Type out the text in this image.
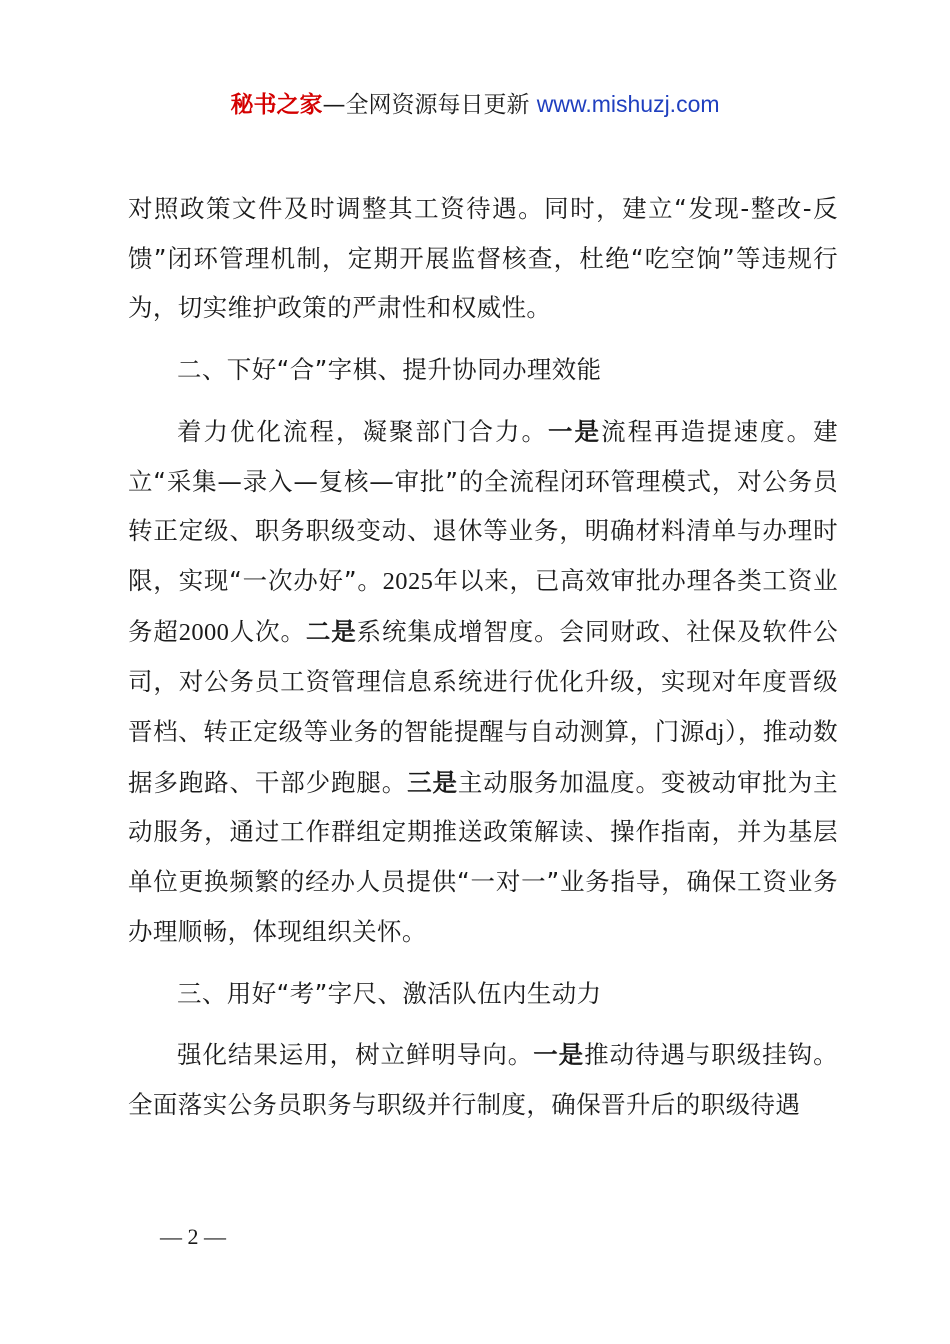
秘书之家—全网资源每日更新 www.mishuzj.com

对照政策文件及时调整其工资待遇。同时，建立“发现-整改-反馈”闭环管理机制，定期开展监督核查，杜绝“吃空饷”等违规行为，切实维护政策的严肃性和权威性。

二、下好“合”字棋、提升协同办理效能

着力优化流程，凝聚部门合力。一是流程再造提速度。建立“采集—录入—复核—审批”的全流程闭环管理模式，对公务员转正定级、职务职级变动、退休等业务，明确材料清单与办理时限，实现“一次办好”。2025年以来，已高效审批办理各类工资业务超2000人次。二是系统集成增智度。会同财政、社保及软件公司，对公务员工资管理信息系统进行优化升级，实现对年度晋级晋档、转正定级等业务的智能提醒与自动测算，门源dj），推动数据多跑路、干部少跑腿。三是主动服务加温度。变被动审批为主动服务，通过工作群组定期推送政策解读、操作指南，并为基层单位更换频繁的经办人员提供“一对一”业务指导，确保工资业务办理顺畅，体现组织关怀。

三、用好“考”字尺、激活队伍内生动力

强化结果运用，树立鲜明导向。一是推动待遇与职级挂钩。全面落实公务员职务与职级并行制度，确保晋升后的职级待遇

— 2 —
